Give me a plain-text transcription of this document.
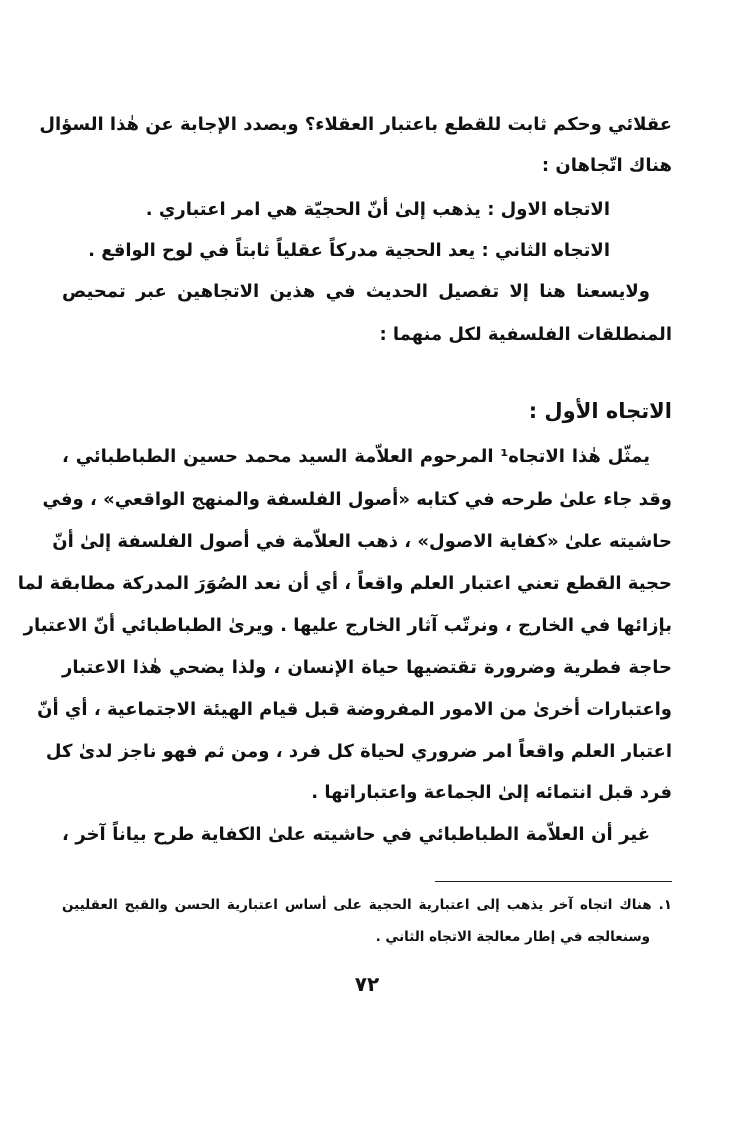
عقلائي وحكم ثابت للقطع باعتبار العقلاء؟ وبصدد الإجابة عن هٰذا السؤال
هناك اتّجاهان :
الاتجاه الاول : يذهب إلىٰ أنّ الحجيّة هي امر اعتباري .
الاتجاه الثاني : يعد الحجية مدركاً عقلياً ثابتاً في لوح الواقع .
ولايسعنا هنا إلا تفصيل الحديث في هذين الاتجاهين عبر تمحيص
المنطلقات الفلسفية لكل منهما :
الاتجاه الأول :
يمثّل هٰذا الاتجاه¹ المرحوم العلاّمة السيد محمد حسين الطباطبائي ،
وقد جاء علىٰ طرحه في كتابه «أصول الفلسفة والمنهج الواقعي» ، وفي
حاشيته علىٰ «كفاية الاصول» ، ذهب العلاّمة في أصول الفلسفة إلىٰ أنّ
حجية القطع تعني اعتبار العلم واقعاً ، أي أن نعد الصُوَرَ المدركة مطابقة لما
بإزائها في الخارج ، ونرتّب آثار الخارج عليها . ويرىٰ الطباطبائي أنّ الاعتبار
حاجة فطرية وضرورة تقتضيها حياة الإنسان ، ولذا يضحي هٰذا الاعتبار
واعتبارات أخرىٰ من الامور المفروضة قبل قيام الهيئة الاجتماعية ، أي أنّ
اعتبار العلم واقعاً امر ضروري لحياة كل فرد ، ومن ثم فهو ناجز لدىٰ كل
فرد قبل انتمائه إلىٰ الجماعة واعتباراتها .
غير أن العلاّمة الطباطبائي في حاشيته علىٰ الكفاية طرح بياناً آخر ،
١. هناك اتجاه آخر يذهب إلى اعتبارية الحجية على أساس اعتبارية الحسن والقبح العقليين
وسنعالجه في إطار معالجة الاتجاه الثاني .
٧٢
